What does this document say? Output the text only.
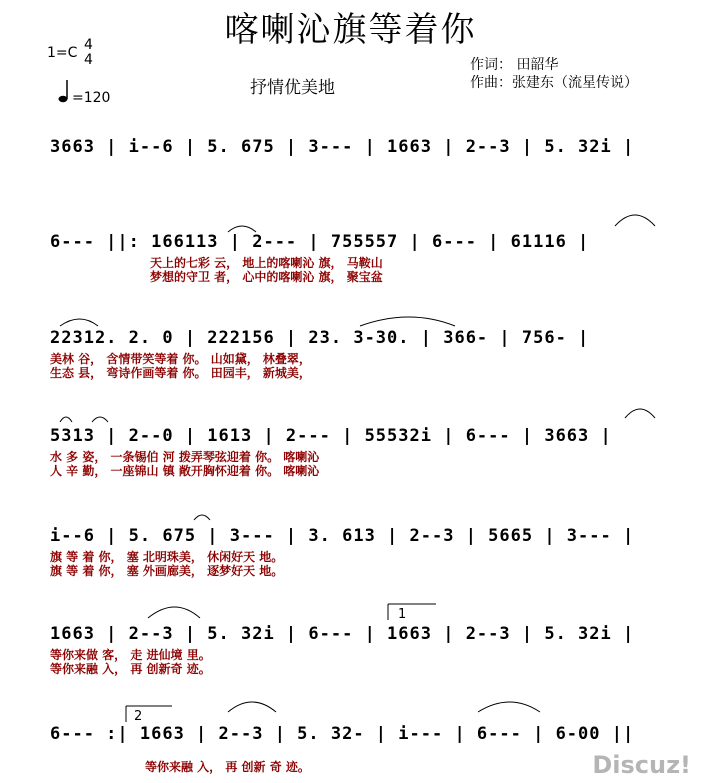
喀喇沁旗等着你
1=C 4
4
=120	抒情优美地
作词： 田韶华
作曲：张建东（流星传说）
1
2
3663 | i--6 | 5. 675 | 3--- | 1663 | 2--3 | 5. 32i |
6--- ||: 166113 | 2--- | 755557 | 6--- | 61116 |
天上的七彩 云， 地上的喀喇沁 旗， 马鞍山
梦想的守卫 者， 心中的喀喇沁 旗， 聚宝盆
22312. 2. 0 | 222156 | 23. 3-30. | 366- | 756- |
美林 谷， 含情带笑等着 你。 山如黛， 林叠翠，
生态 县， 弯诗作画等着 你。 田园丰， 新城美，
5313 | 2--0 | 1613 | 2--- | 55532i | 6--- | 3663 |
水 多 姿， 一条锡伯 河 拨弄琴弦迎着 你。 喀喇沁
人 辛 勤， 一座锦山 镇 敞开胸怀迎着 你。 喀喇沁
i--6 | 5. 675 | 3--- | 3. 613 | 2--3 | 5665 | 3--- |
旗 等 着 你， 塞 北明珠美， 休闲好天 地。
旗 等 着 你， 塞 外画廊美， 逐梦好天 地。
1663 | 2--3 | 5. 32i | 6--- | 1663 | 2--3 | 5. 32i |
等你来做 客， 走 进仙境 里。
等你来融 入， 再 创新奇 迹。
6--- :| 1663 | 2--3 | 5. 32- | i--- | 6--- | 6-00 ||
等你来融 入， 再 创新 奇 迹。	Discuz!
